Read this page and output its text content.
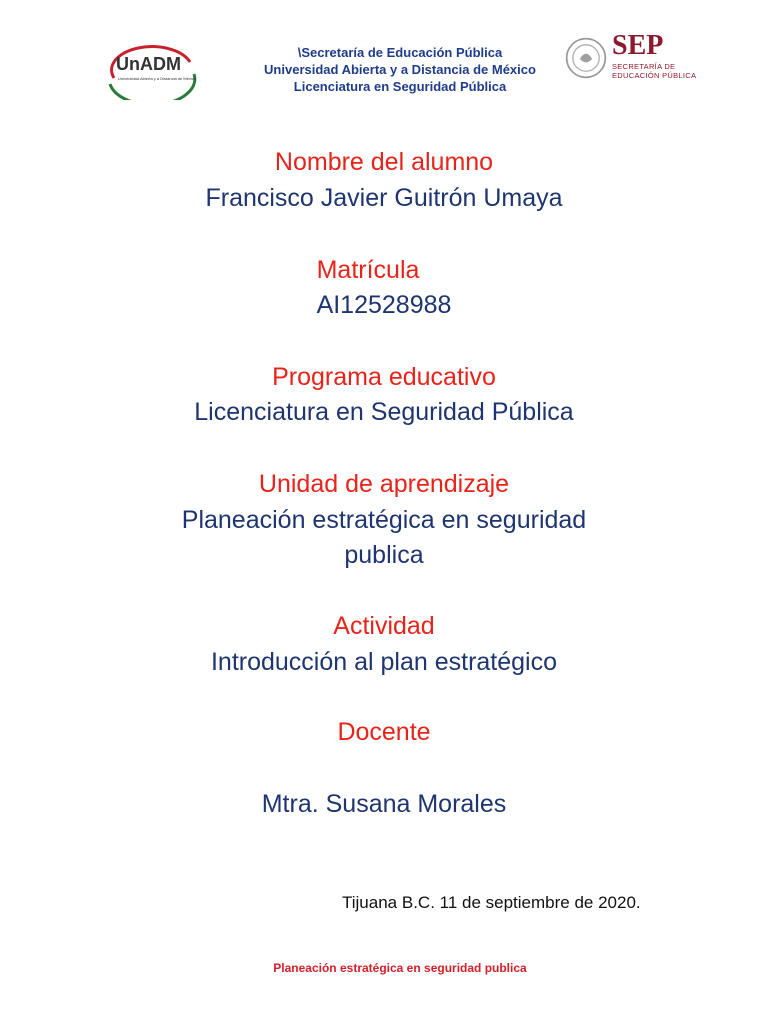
UnADM
Universidad Abierta y a Distancia de México
\Secretaría de Educación Pública
Universidad Abierta y a Distancia de México
Licenciatura en Seguridad Pública
SEP
SECRETARÍA DE
EDUCACIÓN PÚBLICA
Nombre del alumno
Francisco Javier Guitrón Umaya
Matrícula
AI12528988
Programa educativo
Licenciatura en Seguridad Pública
Unidad de aprendizaje
Planeación estratégica en seguridad
publica
Actividad
Introducción al plan estratégico
Docente
Mtra. Susana Morales
Tijuana B.C. 11 de septiembre de 2020.
Planeación estratégica en seguridad publica
